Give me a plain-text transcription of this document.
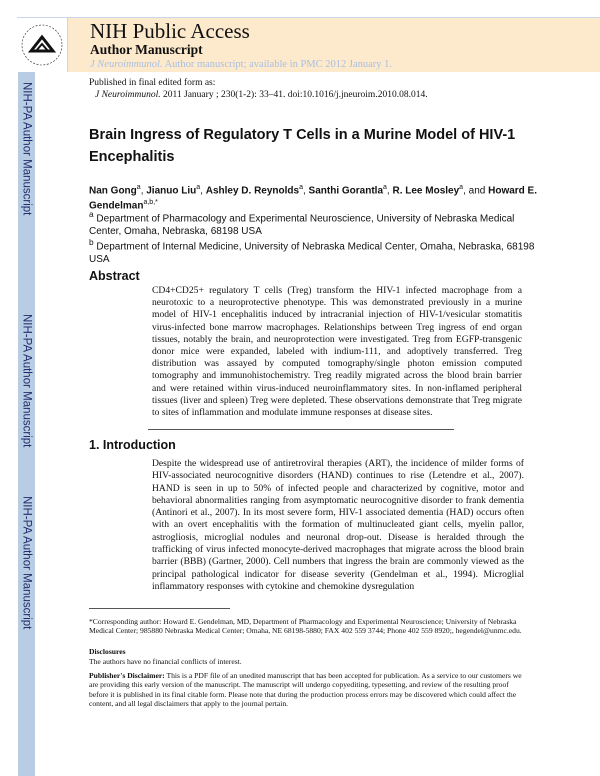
NIH-PA Author Manuscript
NIH-PA Author Manuscript
NIH-PA Author Manuscript
NIH Public Access
Author Manuscript
J Neuroimmunol. Author manuscript; available in PMC 2012 January 1.
Published in final edited form as:
J Neuroimmunol. 2011 January ; 230(1-2): 33–41. doi:10.1016/j.jneuroim.2010.08.014.
Brain Ingress of Regulatory T Cells in a Murine Model of HIV-1 Encephalitis
Nan Gong$^a$, Jianuo Liu$^a$, Ashley D. Reynolds$^a$, Santhi Gorantla$^a$, R. Lee Mosley$^a$, and Howard E. Gendelman$^{a,b,*}$
$^a$ Department of Pharmacology and Experimental Neuroscience, University of Nebraska Medical Center, Omaha, Nebraska, 68198 USA
$^b$ Department of Internal Medicine, University of Nebraska Medical Center, Omaha, Nebraska, 68198 USA
Abstract
CD4+CD25+ regulatory T cells (Treg) transform the HIV-1 infected macrophage from a neurotoxic to a neuroprotective phenotype. This was demonstrated previously in a murine model of HIV-1 encephalitis induced by intracranial injection of HIV-1/vesicular stomatitis virus-infected bone marrow macrophages. Relationships between Treg ingress of end organ tissues, notably the brain, and neuroprotection were investigated. Treg from EGFP-transgenic donor mice were expanded, labeled with indium-111, and adoptively transferred. Treg distribution was assayed by computed tomography/single photon emission computed tomography and immunohistochemistry. Treg readily migrated across the blood brain barrier and were retained within virus-induced neuroinflammatory sites. In non-inflamed peripheral tissues (liver and spleen) Treg were depleted. These observations demonstrate that Treg migrate to sites of inflammation and modulate immune responses at disease sites.
1. Introduction
Despite the widespread use of antiretroviral therapies (ART), the incidence of milder forms of HIV-associated neurocognitive disorders (HAND) continues to rise (Letendre et al., 2007). HAND is seen in up to 50% of infected people and characterized by cognitive, motor and behavioral abnormalities ranging from asymptomatic neurocognitive disorder to frank dementia (Antinori et al., 2007). In its most severe form, HIV-1 associated dementia (HAD) occurs often with an overt encephalitis with the formation of multinucleated giant cells, myelin pallor, astrogliosis, microglial nodules and neuronal drop-out. Disease is heralded through the trafficking of virus infected monocyte-derived macrophages that migrate across the blood brain barrier (BBB) (Gartner, 2000). Cell numbers that ingress the brain are commonly viewed as the principal pathological indicator for disease severity (Gendelman et al., 1994). Microglial inflammatory responses with cytokine and chemokine dysregulation
*Corresponding author: Howard E. Gendelman, MD, Department of Pharmacology and Experimental Neuroscience; University of Nebraska Medical Center; 985880 Nebraska Medical Center; Omaha, NE 68198-5880; FAX 402 559 3744; Phone 402 559 8920;, hegendel@unmc.edu.
Disclosures
The authors have no financial conflicts of interest.
Publisher's Disclaimer: This is a PDF file of an unedited manuscript that has been accepted for publication. As a service to our customers we are providing this early version of the manuscript. The manuscript will undergo copyediting, typesetting, and review of the resulting proof before it is published in its final citable form. Please note that during the production process errors may be discovered which could affect the content, and all legal disclaimers that apply to the journal pertain.
